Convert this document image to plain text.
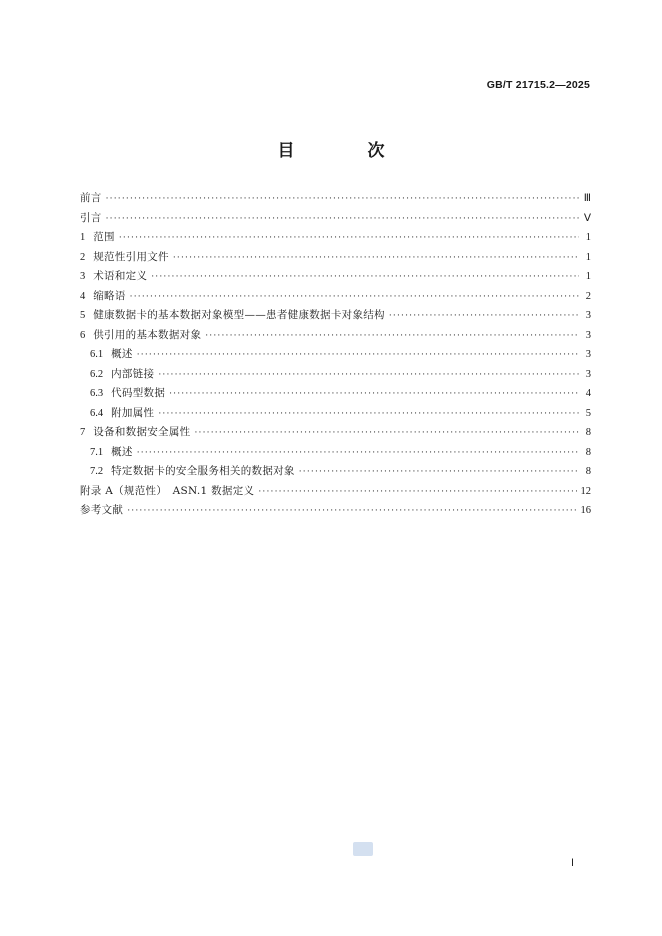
GB/T 21715.2—2025
目　次
前言 ·····	Ⅲ
引言 ·····	Ⅴ
1 范围 ·····	1
2 规范性引用文件 ·····	1
3 术语和定义 ·····	1
4 缩略语 ·····	2
5 健康数据卡的基本数据对象模型——患者健康数据卡对象结构 ·····	3
6 供引用的基本数据对象 ·····	3
6.1 概述 ·····	3
6.2 内部链接 ·····	3
6.3 代码型数据 ·····	4
6.4 附加属性 ·····	5
7 设备和数据安全属性 ·····	8
7.1 概述 ·····	8
7.2 特定数据卡的安全服务相关的数据对象 ·····	8
附录 A（规范性）　ASN.1 数据定义 ·····	12
参考文献 ·····	16
Ⅰ
